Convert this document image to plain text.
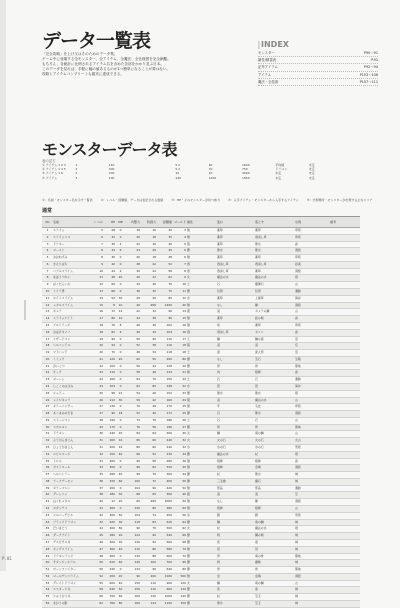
P.01
データ一覧表
「完全攻略」を上げ又はそのためのデータ集。
ゲーム中に登場する全モンスター、全アイテム、全魔法、全仕様図を完全網羅。
もちろん、各統計に比例されるアイテム名を含めた各部をかかり並ぶ日本。
このデータを見れば、手軽に幅の値あるものが1つ簡単になることが要はない。
攻略とアイテムコンプリートも確実に達成できる。
INDEX
モンスター	P90〜91
属性/精霊表	P.91
記号アイテム	P92〜94
アイテム	P103〜106
魔法・全技術	P107〜111
モンスターデータ表
表の見方
① アイテム 1 2 3	1	140	5 2	60	1600	平均値	未定
② アイテム 1 4 5	2	300	5 2	70	750	ドラゴン	未定
③ アイテム 1 6	2	200	10	10	3000	未定	未定
④ アイテム	3	100	140	1450	1850	未定	未定
①：名前・モンスター名を示す一覧表	②：レベル・経験値、データは表記される数値	③：HP・そのモンスターが持つ体力	④：入手アイテム・モンスターから入手するアイテム	⑤：出現場所・モンスターが出現する主なエリア
通常
No	名前	レベル	HP	MP	攻撃力	防御力	経験値 ゴールド 属性	盗む	落とす	出現	備考
1	スライム	5	28	0	18	16	30	3 無	薬草	薬草	草原
2	スライムベス	6	32	0	20	18	35	4 無	薬草	毒消し草	草原
3	ドラキー	7	30	4	22	16	40	5 風	薬草	聖水	森
4	ゴースト	8	34	6	24	20	45	6 闇	聖水	聖水	洞窟
5	おおねずみ	8	36	0	26	18	48	6 無	薬草	薬草	草原
6	さそりばち	9	40	0	28	22	52	7 毒	毒消し草	毒消し草	砂漠
7	バブルスライム	10	44	2	30	24	58	8 毒	毒消し草	薬草	洞窟
8	まほうつかい	11	48	20	26	22	62	9 火	魔法の水	魔法の水	塔
9	ばくだんいわ	12	60	0	34	40	70	10 土	石	爆弾石	山
10	ミイラ男	13	66	0	36	30	75	11 闇	包帯	包帯	遺跡
11	ホイミスライム	14	52	30	28	26	80	12 水	薬草	上薬草	海岸
12	メタルスライム	15	8	10	40	999	1200	20 無	なし	種	洞窟
13	キメラ	16	72	12	42	34	90	14 風	羽	キメラの翼	山
14	スライムナイト	17	80	10	44	38	96	15 無	薬草	鉄の剣	森
15	アルミラージ	18	76	8	46	36	102	16 無	角	薬草	草原
16	おばけキノコ	18	82	6	40	34	104	16 毒	毒消し草	キノコ	森
17	リザードマン	19	90	0	50	40	110	17 土	鱗	鱗の盾	沼
18	ヘルコンドル	20	94	0	52	38	116	18 風	羽	羽	空
19	マドハンド	20	70	0	48	34	118	18 土	泥	泥人形	沼
20	ミミック	21	120	20	60	50	200	80 闇	なし	宝石	宝箱
21	がいこつ	22	100	0	56	44	128	20 闇	骨	骨	墓地
22	オーク	23	110	0	58	46	134	21 無	肉	棍棒	森
23	ゴーレム	24	160	0	64	70	150	22 土	石	石	遺跡
24	じごくのはさみ	24	104	0	62	80	148	22 水	殻	殻	海岸
25	シャドー	25	98	24	54	40	152	23 闇	聖水	聖水	塔
26	メイジキメラ	26	112	30	56	42	160	24 風	羽	魔法の水	山
27	キラーパンサー	27	130	0	70	48	170	25 無	牙	毛皮	草原
28	あくまのめだま	27	96	18	52	40	172	25 闇	目	聖水	洞窟
29	ストーンマン	28	190	0	74	76	186	26 土	石	石	山
30	スカルゴン	29	170	0	76	56	196	27 闇	骨	骨	墓地
31	ドラゴン	30	240	20	84	64	260	40 火	鱗	竜の鱗	山
32	ようがんまじん	31	200	16	80	60	240	32 火	火の石	火の石	火山
33	ひょうがまじん	31	200	16	80	60	240	32 氷	氷の石	氷の石	雪原
34	エビルマージ	32	150	40	66	52	230	34 闇	魔法の水	杖	塔
35	トロル	33	260	0	90	58	280	36 無	棍棒	棍棒	森
36	ボストロール	34	300	0	96	62	320	40 無	棍棒	金塊	洞窟
37	ヘルバトラー	35	280	40	98	70	360	44 闇	杖	聖水	城
38	アークデーモン	36	320	60	100	72	400	50 闇	三叉槍	魔石	城
39	キラーマシン	37	260	0	104	90	420	52 無	部品	部品	遺跡
40	グレムリン	38	180	30	88	60	300	40 風	羽	羽	空
41	はぐれメタル	40	12	20	60	999	3000	50 無	なし	種	洞窟
42	ギガンテス	41	400	0	120	80	480	60 無	棍棒	棍棒	山
43	シルバーデビル	42	300	50	104	74	450	56 氷	銀	銀	雪原
44	ブラックドラゴン	43	420	30	118	84	520	64 闇	鱗	竜の鱗	城
45	だいまどう	44	260	80	90	70	500	62 火	杖	魔法の水	塔
46	ダークナイト	45	380	20	124	90	540	66 闇	剣	鋼の剣	城
47	デスピサロ兵	46	400	30	126	92	560	68 闇	兜	盾	城
48	キングスライム	47	360	40	110	86	580	70 無	冠	冠	城
49	ドラゴンゾンビ	48	460	0	130	88	600	72 闇	骨	竜の骨	墓地
50	サタンジェネラル	50	520	60	140	100	700	90 闇	剣	魔剣	城
51	ボーンファイター	50	440	0	134	96	640	80 闇	骨	骨	墓地
52	ゴールデンスライム	52	200	20	90	200	1000	500 無	金	金塊	洞窟
53	グレイトドラゴン	55	600	40	150	110	900	120 火	鱗	竜の鱗	山
54	エスターク兵	58	640	50	156	116	960	130 闇	兜	盾	城
55	りゅうおう兵	60	700	60	160	120	1000	140 闇	杖	宝玉	城
56	まおうの影	62	760	80	166	124	1100	150 闇	聖水	宝玉	城
